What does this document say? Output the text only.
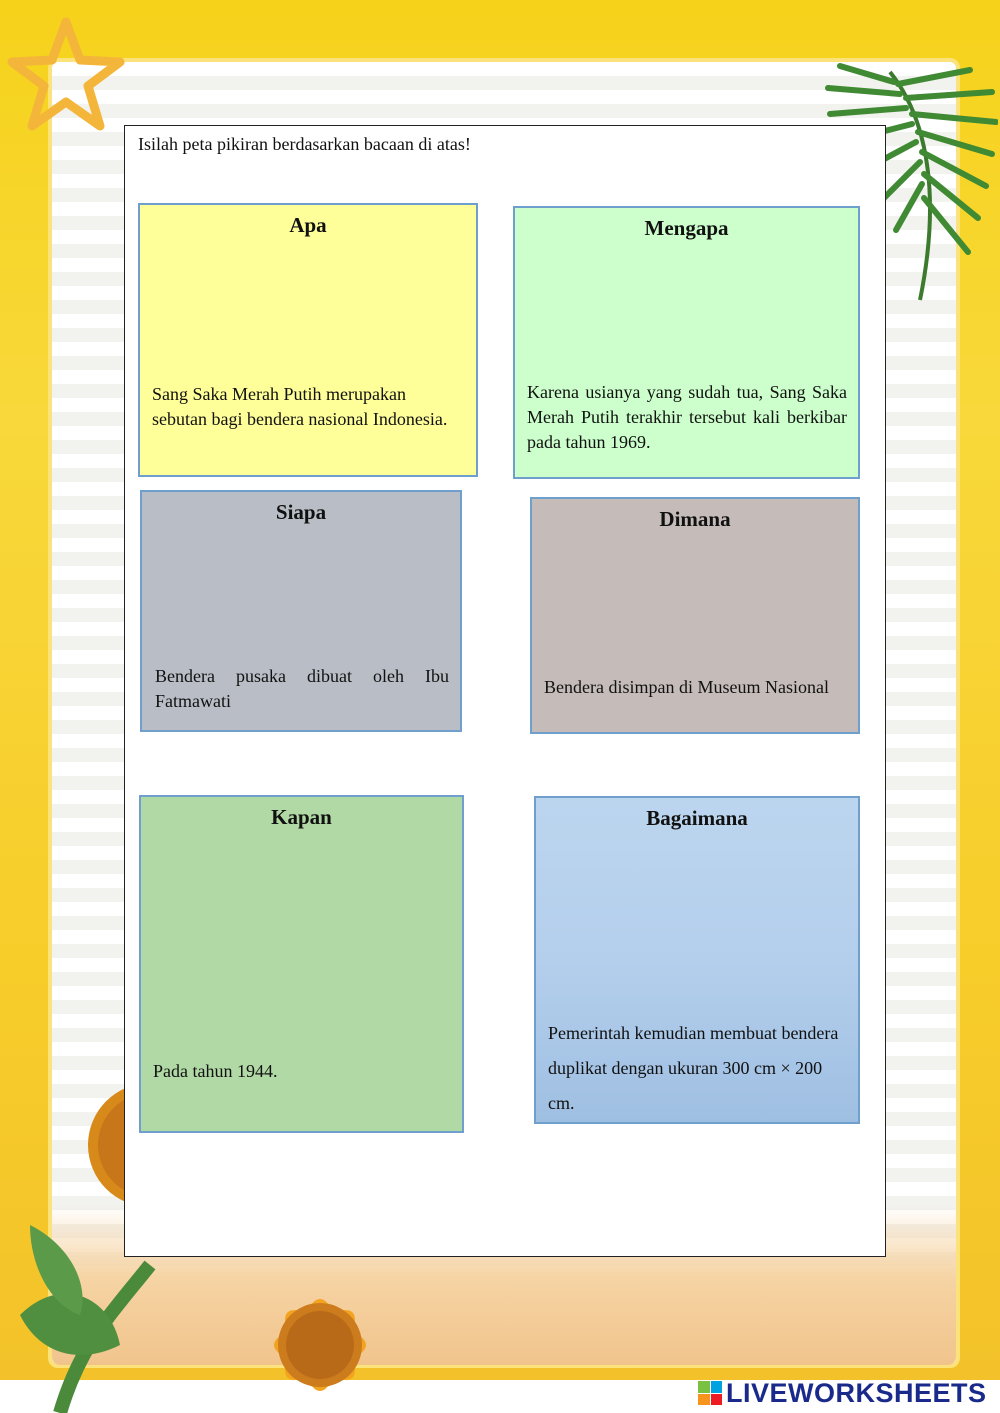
Isilah peta pikiran berdasarkan bacaan di atas!
Apa
Sang Saka Merah Putih merupakan sebutan bagi bendera nasional Indonesia.
Mengapa
Karena usianya yang sudah tua, Sang Saka Merah Putih terakhir tersebut kali berkibar pada tahun 1969.
Siapa
Bendera pusaka dibuat oleh Ibu Fatmawati
Dimana
Bendera disimpan di Museum Nasional
Kapan
Pada tahun 1944.
Bagaimana
Pemerintah kemudian membuat bendera duplikat dengan ukuran 300 cm × 200 cm.
LIVEWORKSHEETS
